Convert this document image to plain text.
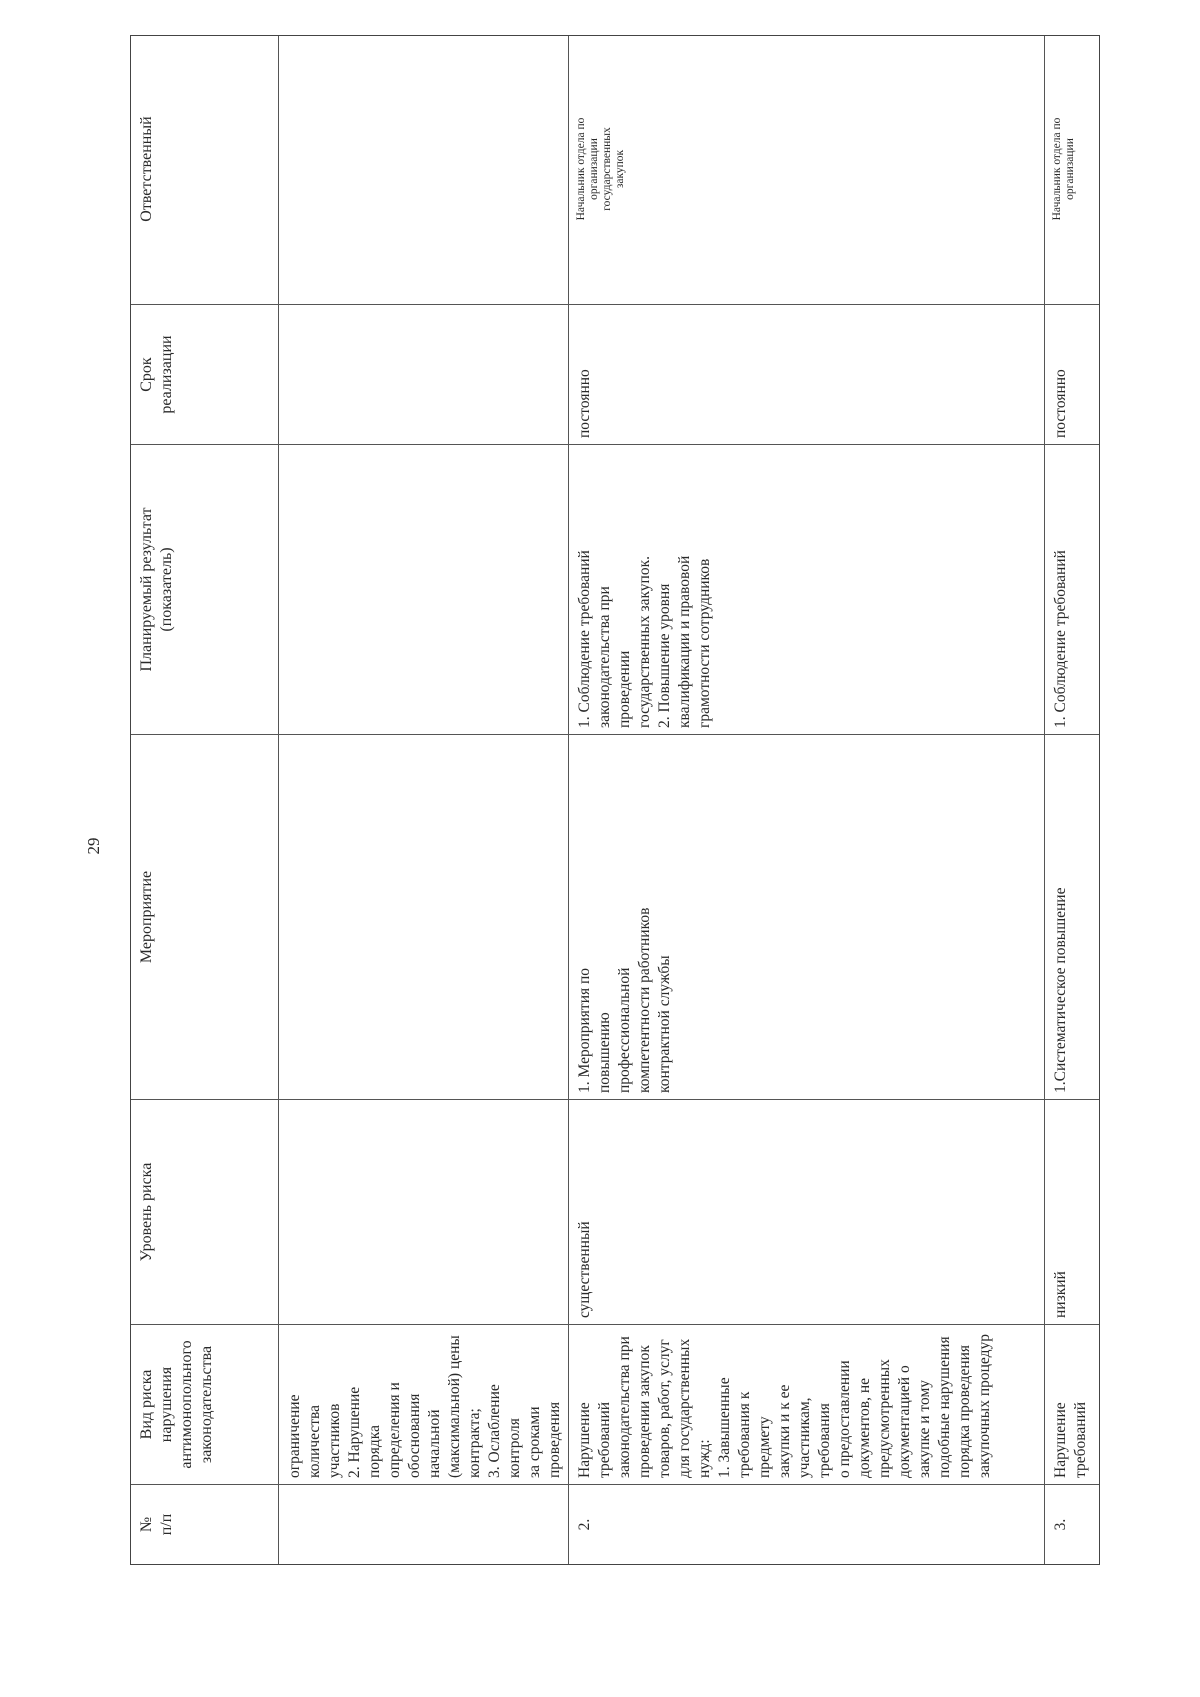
29
№
п/п
Вид риска нарушения
антимонопольного
законодательства
Уровень риска
Мероприятие
Планируемый результат
(показатель)
Срок
реализации
Ответственный
ограничение количества
участников
2. Нарушение порядка
определения и
обоснования начальной
(максимальной) цены
контракта;
3. Ослабление контроля
за сроками проведения
конкурса
2.
Нарушение требований
законодательства при
проведении закупок
товаров, работ, услуг
для государственных
нужд:
1. Завышенные
требования к предмету
закупки и к ее
участникам, требования
о предоставлении
документов, не
предусмотренных
документацией о
закупке и тому
подобные нарушения
порядка проведения
закупочных процедур
существенный
1. Мероприятия по
повышению
профессиональной
компетентности работников
контрактной службы
1. Соблюдение требований
законодательства при
проведении
государственных закупок.
2. Повышение уровня
квалификации и правовой
грамотности сотрудников
постоянно
Начальник отдела по
организации
государственных
закупок
3.
Нарушение требований
низкий
1.Систематическое повышение
1. Соблюдение требований
постоянно
Начальник отдела по
организации
